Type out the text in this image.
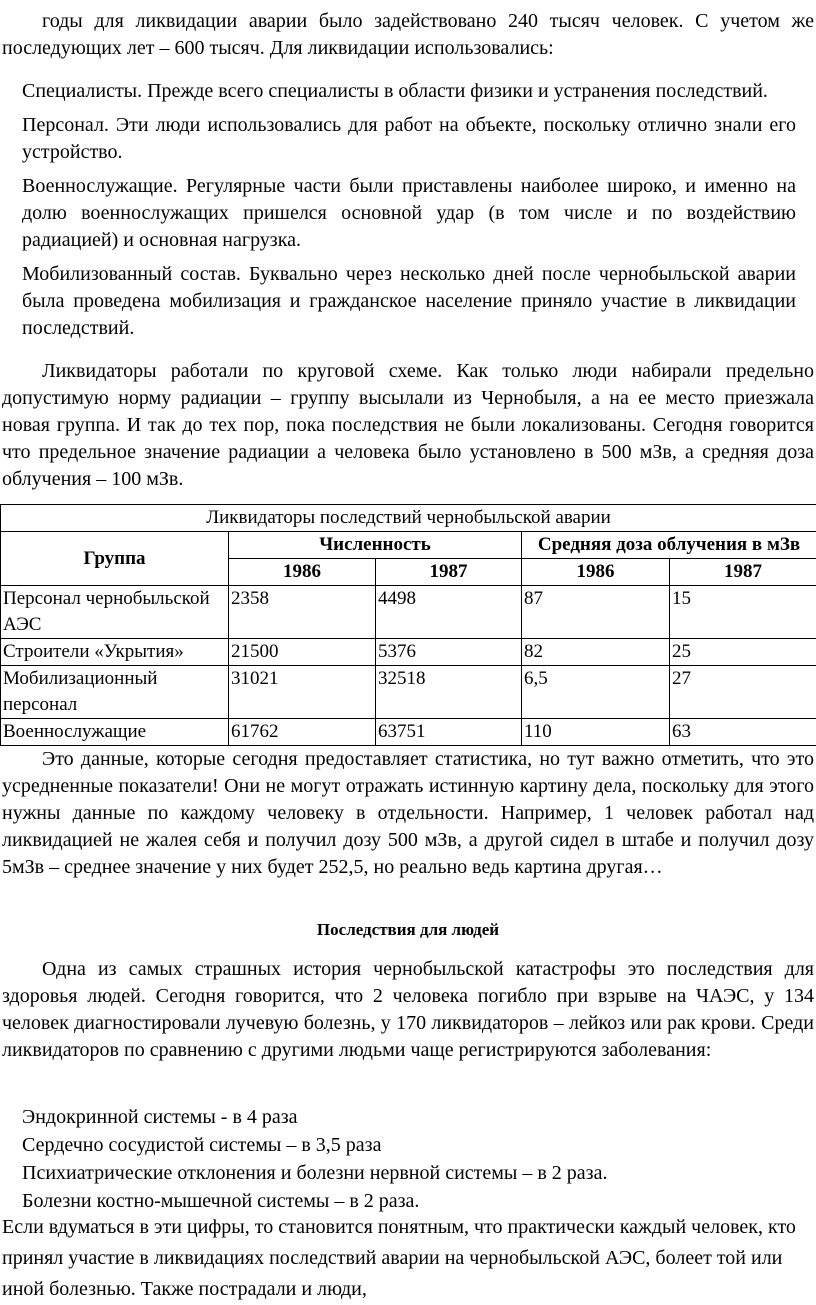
годы для ликвидации аварии было задействовано 240 тысяч человек. С учетом же последующих лет – 600 тысяч. Для ликвидации использовались:

Специалисты. Прежде всего специалисты в области физики и устранения последствий.

Персонал. Эти люди использовались для работ на объекте, поскольку отлично знали его устройство.

Военнослужащие. Регулярные части были приставлены наиболее широко, и именно на долю военнослужащих пришелся основной удар (в том числе и по воздействию радиацией) и основная нагрузка.

Мобилизованный состав. Буквально через несколько дней после чернобыльской аварии была проведена мобилизация и гражданское население приняло участие в ликвидации последствий.

Ликвидаторы работали по круговой схеме. Как только люди набирали предельно допустимую норму радиации – группу высылали из Чернобыля, а на ее место приезжала новая группа. И так до тех пор, пока последствия не были локализованы. Сегодня говорится что предельное значение радиации а человека было установлено в 500 мЗв, а средняя доза облучения – 100 мЗв.

Ликвидаторы последствий чернобыльской аварии				
Группа	Численность		Средняя доза облучения в мЗв	
	1986	1987	1986	1987
Персонал чернобыльской АЭС	2358	4498	87	15
Строители «Укрытия»	21500	5376	82	25
Мобилизационный персонал	31021	32518	6,5	27
Военнослужащие	61762	63751	110	63

Это данные, которые сегодня предоставляет статистика, но тут важно отметить, что это усредненные показатели! Они не могут отражать истинную картину дела, поскольку для этого нужны данные по каждому человеку в отдельности. Например, 1 человек работал над ликвидацией не жалея себя и получил дозу 500 мЗв, а другой сидел в штабе и получил дозу 5мЗв – среднее значение у них будет 252,5, но реально ведь картина другая…

Последствия для людей

Одна из самых страшных история чернобыльской катастрофы это последствия для здоровья людей. Сегодня говорится, что 2 человека погибло при взрыве на ЧАЭС, у 134 человек диагностировали лучевую болезнь, у 170 ликвидаторов – лейкоз или рак крови. Среди ликвидаторов по сравнению с другими людьми чаще регистрируются заболевания:

Эндокринной системы - в 4 раза

Сердечно сосудистой системы – в 3,5 раза

Психиатрические отклонения и болезни нервной системы – в 2 раза.

Болезни костно-мышечной системы – в 2 раза.

Если вдуматься в эти цифры, то становится понятным, что практически каждый человек, кто принял участие в ликвидациях последствий аварии на чернобыльской АЭС, болеет той или иной болезнью. Также пострадали и люди,
